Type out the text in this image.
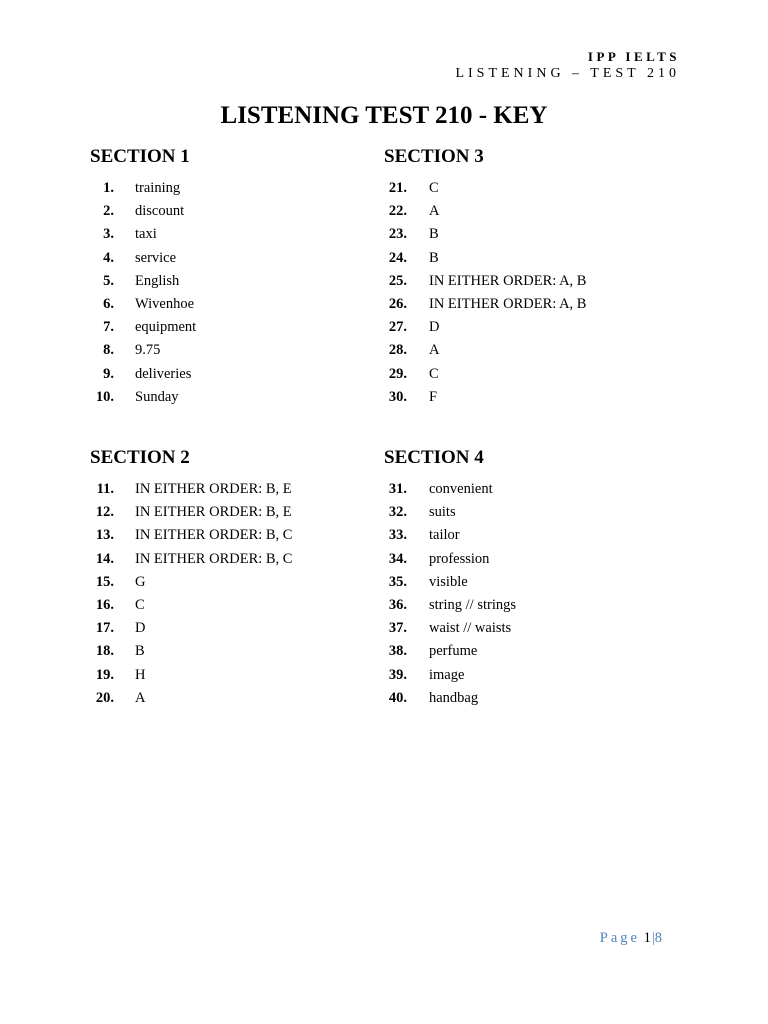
IPP IELTS
LISTENING – TEST 210
LISTENING TEST 210 - KEY
SECTION 1
1. training
2. discount
3. taxi
4. service
5. English
6. Wivenhoe
7. equipment
8. 9.75
9. deliveries
10. Sunday
SECTION 3
21. C
22. A
23. B
24. B
25. IN EITHER ORDER: A, B
26. IN EITHER ORDER: A, B
27. D
28. A
29. C
30. F
SECTION 2
11. IN EITHER ORDER: B, E
12. IN EITHER ORDER: B, E
13. IN EITHER ORDER: B, C
14. IN EITHER ORDER: B, C
15. G
16. C
17. D
18. B
19. H
20. A
SECTION 4
31. convenient
32. suits
33. tailor
34. profession
35. visible
36. string // strings
37. waist // waists
38. perfume
39. image
40. handbag
Page 1|8
